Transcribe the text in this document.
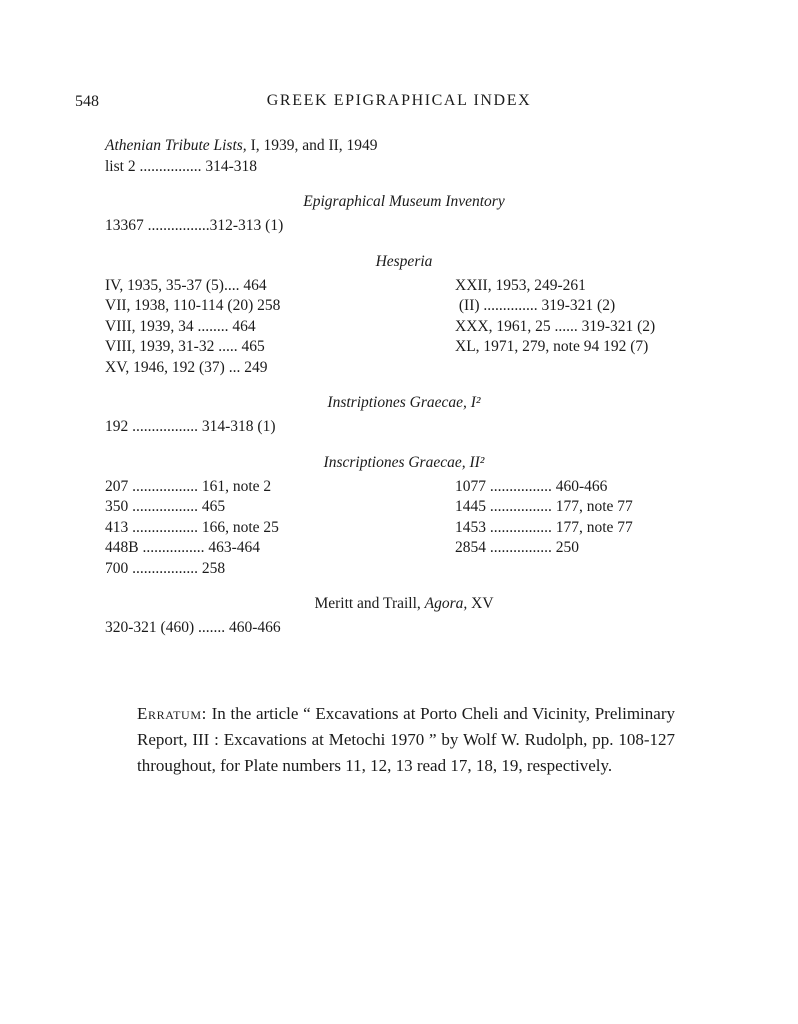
548	GREEK EPIGRAPHICAL INDEX
Athenian Tribute Lists, I, 1939, and II, 1949
list 2 ................ 314-318
Epigraphical Museum Inventory
13367 ................312-313 (1)
Hesperia
IV, 1935, 35-37 (5).... 464
VII, 1938, 110-114 (20) 258
VIII, 1939, 34 ........ 464
VIII, 1939, 31-32 ..... 465
XV, 1946, 192 (37) ... 249
XXII, 1953, 249-261
(II) .............. 319-321 (2)
XXX, 1961, 25 ...... 319-321 (2)
XL, 1971, 279, note 94 192 (7)
Instriptiones Graecae, I²
192 ................. 314-318 (1)
Inscriptiones Graecae, II²
207 ................. 161, note 2
350 ................. 465
413 ................. 166, note 25
448B ................ 463-464
700 ................. 258
1077 ................ 460-466
1445 ................ 177, note 77
1453 ................ 177, note 77
2854 ................ 250
Meritt and Traill, Agora, XV
320-321 (460) ....... 460-466

Erratum: In the article “ Excavations at Porto Cheli and Vicinity, Preliminary Report, III : Excavations at Metochi 1970 ” by Wolf W. Rudolph, pp. 108-127 throughout, for Plate numbers 11, 12, 13 read 17, 18, 19, respectively.
